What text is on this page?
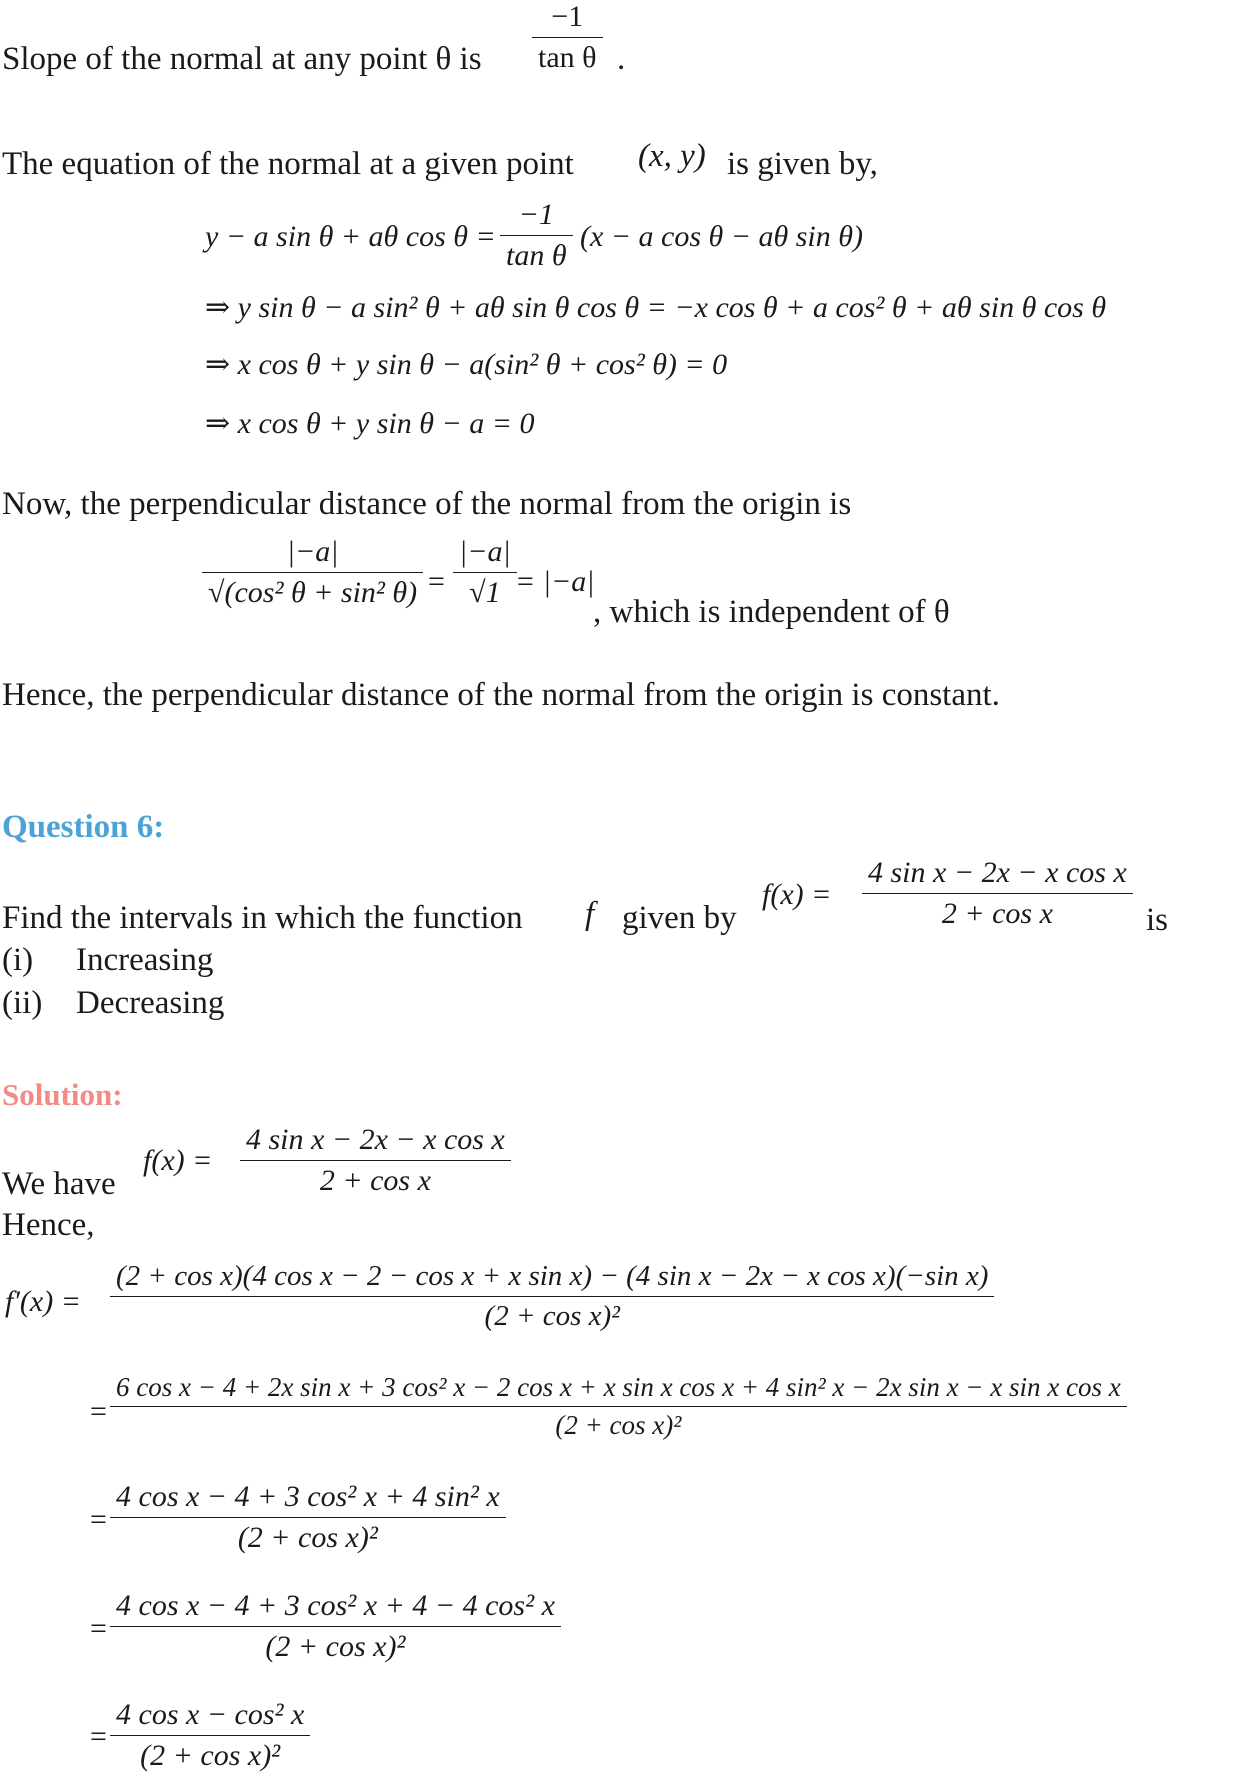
Slope of the normal at any point θ is
−1
tan θ .
The equation of the normal at a given point (x, y) is given by,
y − a sin θ + aθ cos θ =
−1
tan θ
(x − a cos θ − aθ sin θ)
⇒ y sin θ − a sin² θ + aθ sin θ cos θ = −x cos θ + a cos² θ + aθ sin θ cos θ
⇒ x cos θ + y sin θ − a(sin² θ + cos² θ) = 0
⇒ x cos θ + y sin θ − a = 0
Now, the perpendicular distance of the normal from the origin is
|−a|
√(cos² θ + sin² θ) =
|−a|
√1 = |−a|
, which is independent of θ
Hence, the perpendicular distance of the normal from the origin is constant.
Question 6:
Find the intervals in which the function f given by
f(x) =
4 sin x − 2x − x cos x
2 + cos x	is
(i) Increasing
(ii) Decreasing
Solution:
We have
f(x) =
4 sin x − 2x − x cos x
2 + cos x
Hence,
f′(x) =
(2 + cos x)(4 cos x − 2 − cos x + x sin x) − (4 sin x − 2x − x cos x)(−sin x)
(2 + cos x)²
=
6 cos x − 4 + 2x sin x + 3 cos² x − 2 cos x + x sin x cos x + 4 sin² x − 2x sin x − x sin x cos x
(2 + cos x)²
=
4 cos x − 4 + 3 cos² x + 4 sin² x
(2 + cos x)²
=
4 cos x − 4 + 3 cos² x + 4 − 4 cos² x
(2 + cos x)²
=
4 cos x − cos² x
(2 + cos x)²
